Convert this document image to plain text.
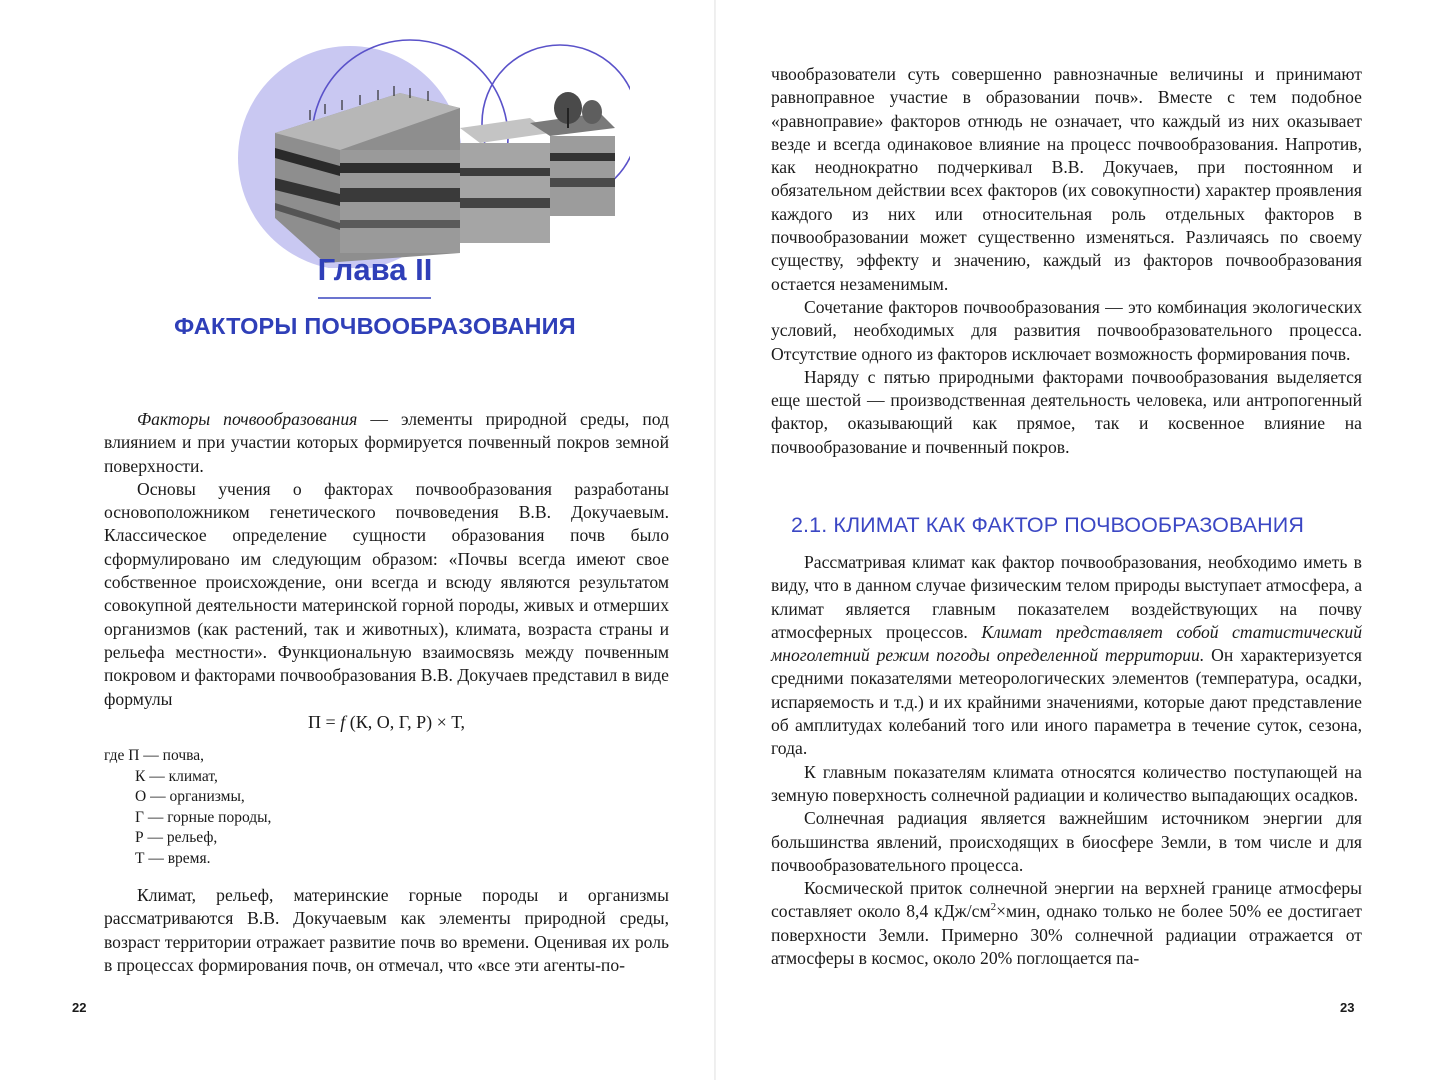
Глава II
ФАКТОРЫ ПОЧВООБРАЗОВАНИЯ

Факторы почвообразования — элементы природной среды, под влиянием и при участии которых формируется почвенный покров земной поверхности.

Основы учения о факторах почвообразования разработаны основоположником генетического почвоведения В.В. Докучаевым. Классическое определение сущности образования почв было сформулировано им следующим образом: «Почвы всегда имеют свое собственное происхождение, они всегда и всюду являются результатом совокупной деятельности материнской горной породы, живых и отмерших организмов (как растений, так и животных), климата, возраста страны и рельефа местности». Функциональную взаимосвязь между почвенным покровом и факторами почвообразования В.В. Докучаев представил в виде формулы

П = f (К, О, Г, Р) × Т,
где П — почва,
К — климат,
О — организмы,
Г — горные породы,
Р — рельеф,
Т — время.

Климат, рельеф, материнские горные породы и организмы рассматриваются В.В. Докучаевым как элементы природной среды, возраст территории отражает развитие почв во времени. Оценивая их роль в процессах формирования почв, он отмечал, что «все эти агенты-по-

22

чвообразователи суть совершенно равнозначные величины и принимают равноправное участие в образовании почв». Вместе с тем подобное «равноправие» факторов отнюдь не означает, что каждый из них оказывает везде и всегда одинаковое влияние на процесс почвообразования. Напротив, как неоднократно подчеркивал В.В. Докучаев, при постоянном и обязательном действии всех факторов (их совокупности) характер проявления каждого из них или относительная роль отдельных факторов в почвообразовании может существенно изменяться. Различаясь по своему существу, эффекту и значению, каждый из факторов почвообразования остается незаменимым.

Сочетание факторов почвообразования — это комбинация экологических условий, необходимых для развития почвообразовательного процесса. Отсутствие одного из факторов исключает возможность формирования почв.

Наряду с пятью природными факторами почвообразования выделяется еще шестой — производственная деятельность человека, или антропогенный фактор, оказывающий как прямое, так и косвенное влияние на почвообразование и почвенный покров.

2.1. КЛИМАТ КАК ФАКТОР ПОЧВООБРАЗОВАНИЯ

Рассматривая климат как фактор почвообразования, необходимо иметь в виду, что в данном случае физическим телом природы выступает атмосфера, а климат является главным показателем воздействующих на почву атмосферных процессов. Климат представляет собой статистический многолетний режим погоды определенной территории. Он характеризуется средними показателями метеорологических элементов (температура, осадки, испаряемость и т.д.) и их крайними значениями, которые дают представление об амплитудах колебаний того или иного параметра в течение суток, сезона, года.

К главным показателям климата относятся количество поступающей на земную поверхность солнечной радиации и количество выпадающих осадков.

Солнечная радиация является важнейшим источником энергии для большинства явлений, происходящих в биосфере Земли, в том числе и для почвообразовательного процесса.

Космической приток солнечной энергии на верхней границе атмосферы составляет около 8,4 кДж/$см^2\times мин$, однако только не более 50% ее достигает поверхности Земли. Примерно 30% солнечной радиации отражается от атмосферы в космос, около 20% поглощается па-

23
